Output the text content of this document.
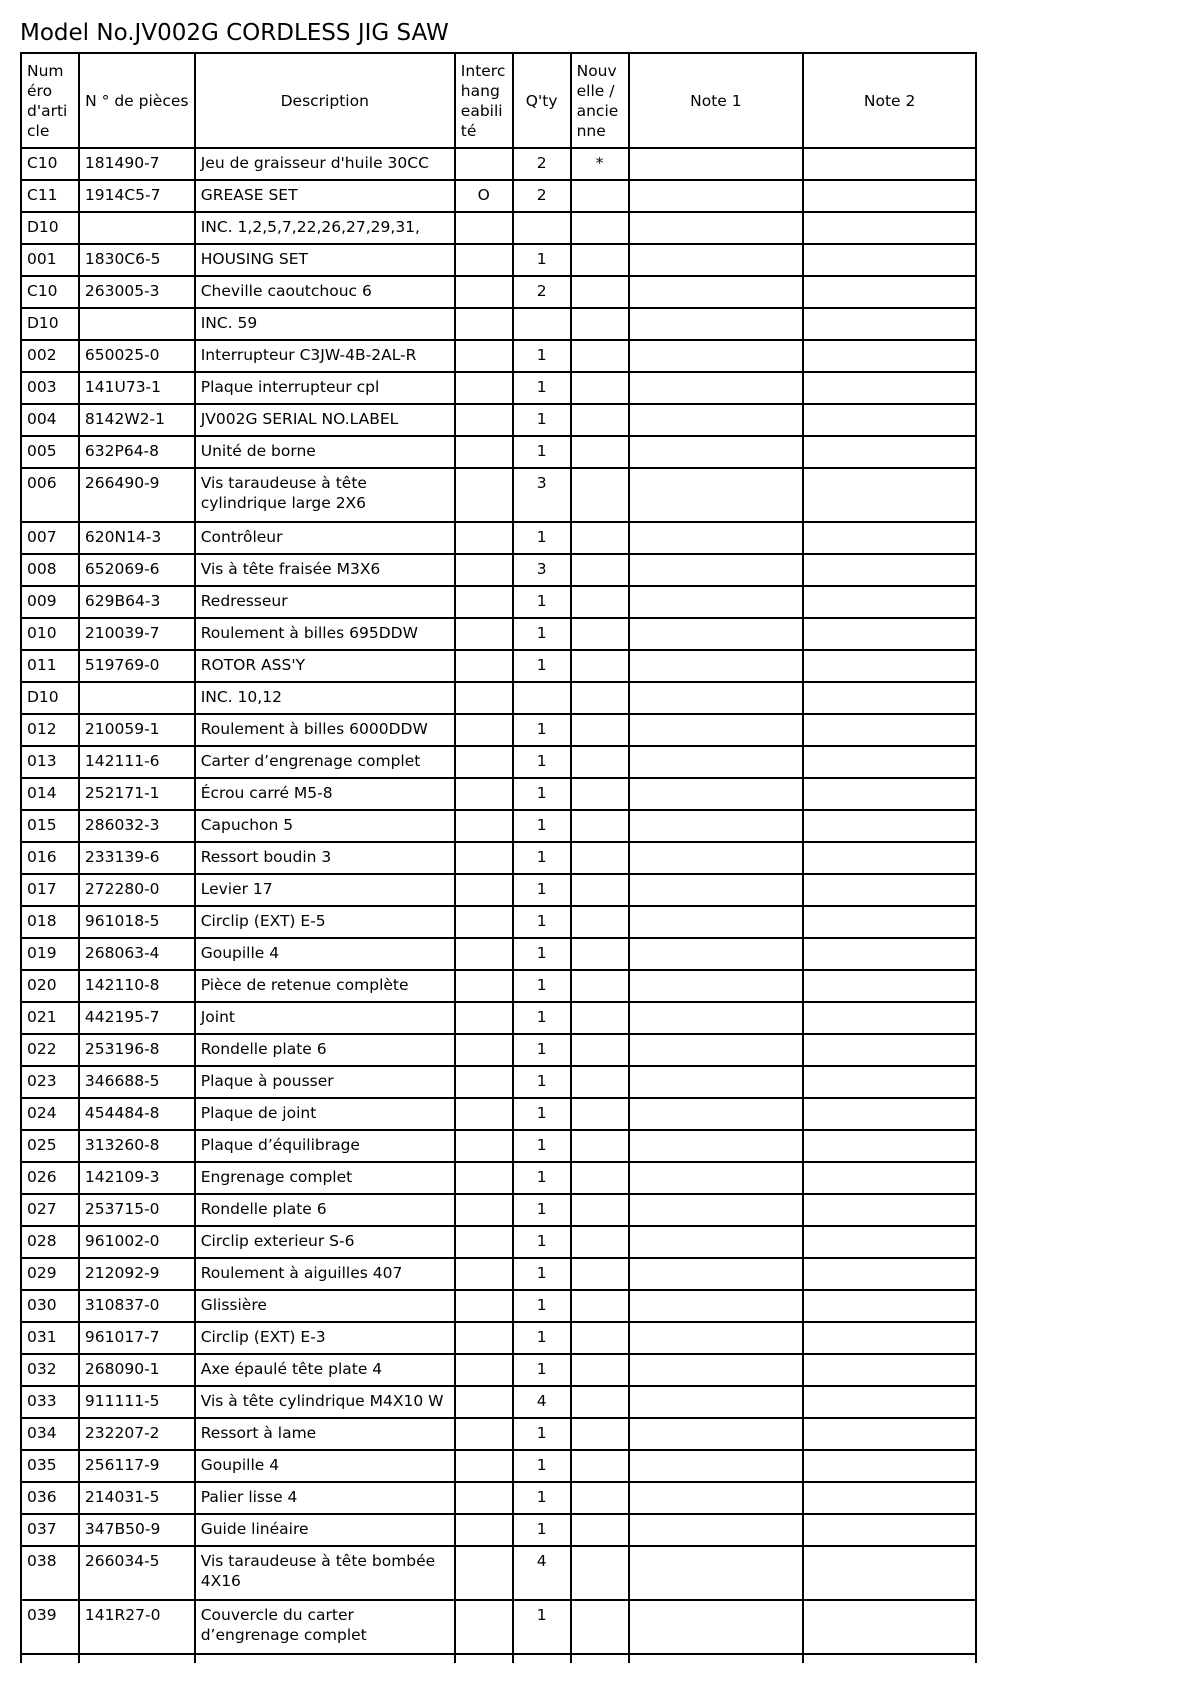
Model No.JV002G CORDLESS JIG SAW
Numéro d'article	N ° de pièces	Description	Interchangeabilité	Q'ty	Nouvelle / ancienne	Note 1	Note 2
C10	181490-7	Jeu de graisseur d'huile 30CC		2	*		
C11	1914C5-7	GREASE SET	O	2			
D10		INC. 1,2,5,7,22,26,27,29,31,					
001	1830C6-5	HOUSING SET		1			
C10	263005-3	Cheville caoutchouc 6		2			
D10		INC. 59					
002	650025-0	Interrupteur C3JW-4B-2AL-R		1			
003	141U73-1	Plaque interrupteur cpl		1			
004	8142W2-1	JV002G SERIAL NO.LABEL		1			
005	632P64-8	Unité de borne		1			
006	266490-9	Vis taraudeuse à tête cylindrique large 2X6		3			
007	620N14-3	Contrôleur		1			
008	652069-6	Vis à tête fraisée M3X6		3			
009	629B64-3	Redresseur		1			
010	210039-7	Roulement à billes 695DDW		1			
011	519769-0	ROTOR ASS'Y		1			
D10		INC. 10,12					
012	210059-1	Roulement à billes 6000DDW		1			
013	142111-6	Carter d’engrenage complet		1			
014	252171-1	Écrou carré M5-8		1			
015	286032-3	Capuchon 5		1			
016	233139-6	Ressort boudin 3		1			
017	272280-0	Levier 17		1			
018	961018-5	Circlip (EXT) E-5		1			
019	268063-4	Goupille 4		1			
020	142110-8	Pièce de retenue complète		1			
021	442195-7	Joint		1			
022	253196-8	Rondelle plate 6		1			
023	346688-5	Plaque à pousser		1			
024	454484-8	Plaque de joint		1			
025	313260-8	Plaque d’équilibrage		1			
026	142109-3	Engrenage complet		1			
027	253715-0	Rondelle plate 6		1			
028	961002-0	Circlip exterieur S-6		1			
029	212092-9	Roulement à aiguilles 407		1			
030	310837-0	Glissière		1			
031	961017-7	Circlip (EXT) E-3		1			
032	268090-1	Axe épaulé tête plate 4		1			
033	911111-5	Vis à tête cylindrique M4X10 W		4			
034	232207-2	Ressort à lame		1			
035	256117-9	Goupille 4		1			
036	214031-5	Palier lisse 4		1			
037	347B50-9	Guide linéaire		1			
038	266034-5	Vis taraudeuse à tête bombée 4X16		4			
039	141R27-0	Couvercle du carter d’engrenage complet		1			
